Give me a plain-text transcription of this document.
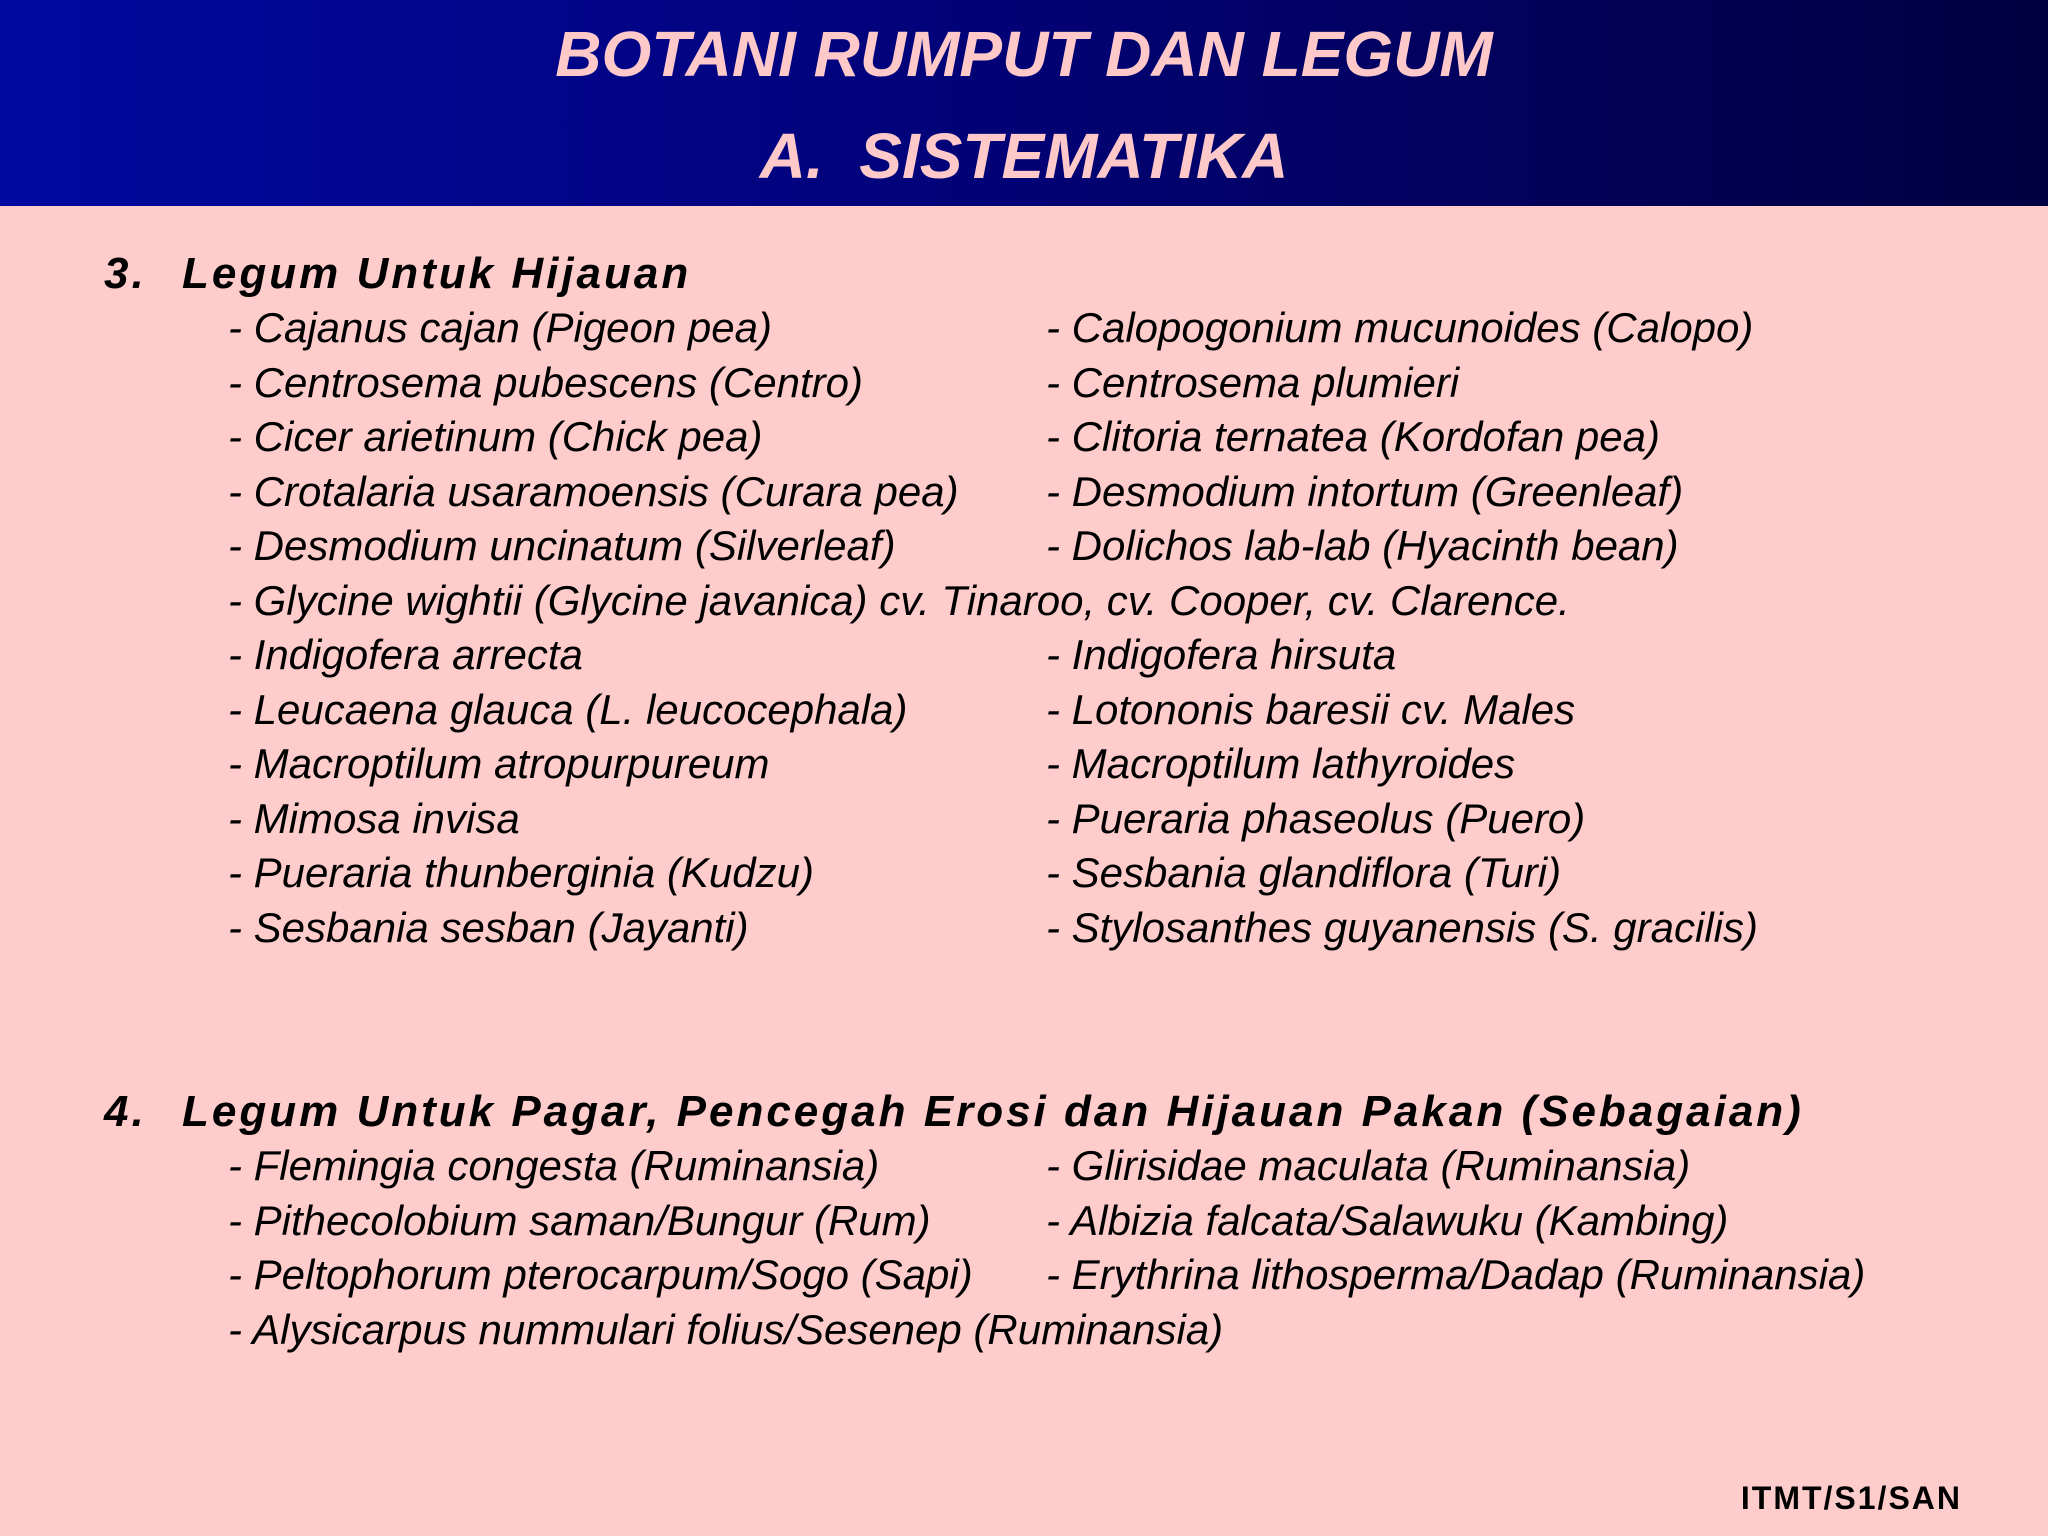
BOTANI RUMPUT DAN LEGUM
A.  SISTEMATIKA
3. Legum Untuk Hijauan
- Cajanus cajan (Pigeon pea)	- Calopogonium mucunoides (Calopo)
- Centrosema pubescens (Centro)	- Centrosema plumieri
- Cicer arietinum (Chick pea)	- Clitoria ternatea (Kordofan pea)
- Crotalaria usaramoensis (Curara pea) - Desmodium intortum (Greenleaf)
- Desmodium uncinatum (Silverleaf)	- Dolichos lab-lab (Hyacinth bean)
- Glycine wightii (Glycine javanica) cv. Tinaroo, cv. Cooper, cv. Clarence.
- Indigofera arrecta	- Indigofera hirsuta
- Leucaena glauca (L. leucocephala)	- Lotononis baresii cv. Males
- Macroptilum atropurpureum	- Macroptilum lathyroides
- Mimosa invisa	- Pueraria phaseolus (Puero)
- Pueraria thunberginia (Kudzu)	- Sesbania glandiflora (Turi)
- Sesbania sesban (Jayanti)	- Stylosanthes guyanensis (S. gracilis)
4. Legum Untuk Pagar, Pencegah Erosi dan Hijauan Pakan (Sebagaian)
- Flemingia congesta (Ruminansia)	- Glirisidae maculata (Ruminansia)
- Pithecolobium saman/Bungur (Rum)	- Albizia falcata/Salawuku (Kambing)
- Peltophorum pterocarpum/Sogo (Sapi) - Erythrina lithosperma/Dadap (Ruminansia)
- Alysicarpus nummulari folius/Sesenep (Ruminansia)
ITMT/S1/SAN
